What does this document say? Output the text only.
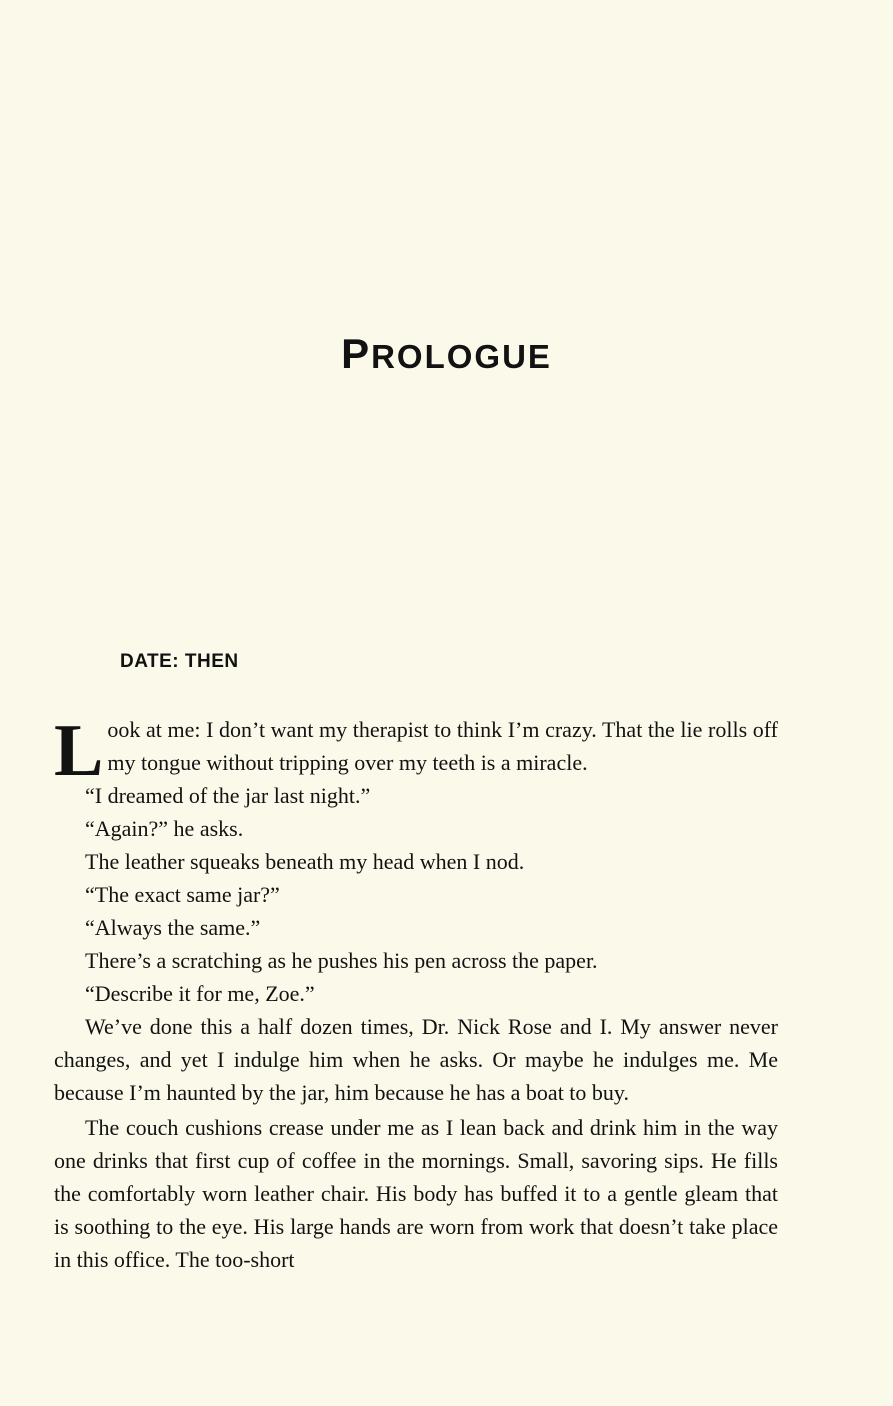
PROLOGUE
DATE: THEN

Look at me: I don’t want my therapist to think I’m crazy. That the lie rolls off my tongue without tripping over my teeth is a miracle.

“I dreamed of the jar last night.”

“Again?” he asks.

The leather squeaks beneath my head when I nod.

“The exact same jar?”

“Always the same.”

There’s a scratching as he pushes his pen across the paper.

“Describe it for me, Zoe.”

We’ve done this a half dozen times, Dr. Nick Rose and I. My answer never changes, and yet I indulge him when he asks. Or maybe he indulges me. Me because I’m haunted by the jar, him because he has a boat to buy.

The couch cushions crease under me as I lean back and drink him in the way one drinks that first cup of coffee in the mornings. Small, savoring sips. He fills the comfortably worn leather chair. His body has buffed it to a gentle gleam that is soothing to the eye. His large hands are worn from work that doesn’t take place in this office. The too-short
